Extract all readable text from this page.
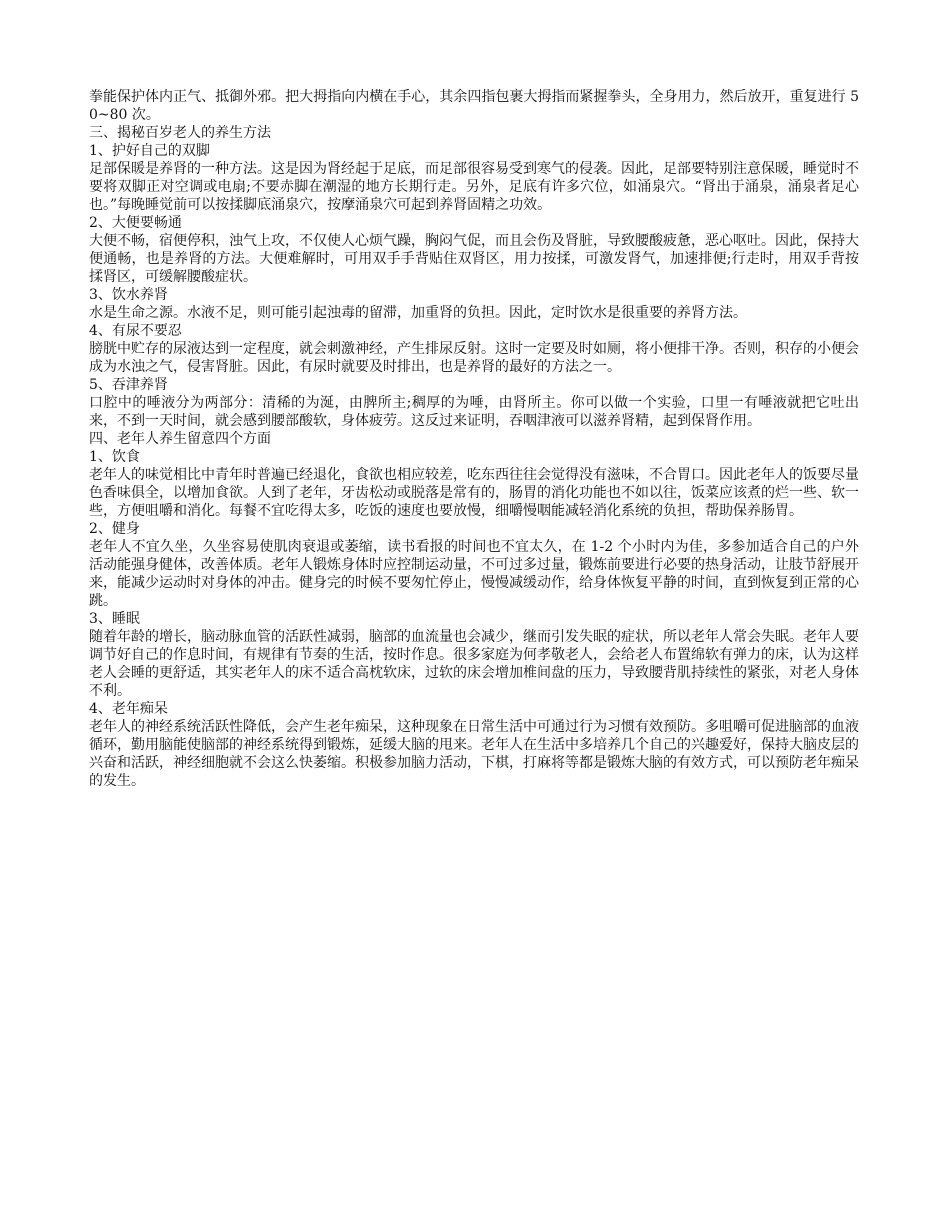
拳能保护体内正气、抵御外邪。把大拇指向内横在手心，其余四指包裹大拇指而紧握拳头，全身用力，然后放开，重复进行 50~80 次。

三、揭秘百岁老人的养生方法

1、护好自己的双脚

足部保暖是养肾的一种方法。这是因为肾经起于足底，而足部很容易受到寒气的侵袭。因此，足部要特别注意保暖，睡觉时不要将双脚正对空调或电扇;不要赤脚在潮湿的地方长期行走。另外，足底有许多穴位，如涌泉穴。“肾出于涌泉，涌泉者足心也。”每晚睡觉前可以按揉脚底涌泉穴，按摩涌泉穴可起到养肾固精之功效。

2、大便要畅通

大便不畅，宿便停积，浊气上攻，不仅使人心烦气躁，胸闷气促，而且会伤及肾脏，导致腰酸疲惫，恶心呕吐。因此，保持大便通畅，也是养肾的方法。大便难解时，可用双手手背贴住双肾区，用力按揉，可激发肾气，加速排便;行走时，用双手背按揉肾区，可缓解腰酸症状。

3、饮水养肾

水是生命之源。水液不足，则可能引起浊毒的留滞，加重肾的负担。因此，定时饮水是很重要的养肾方法。

4、有尿不要忍

膀胱中贮存的尿液达到一定程度，就会刺激神经，产生排尿反射。这时一定要及时如厕，将小便排干净。否则，积存的小便会成为水浊之气，侵害肾脏。因此，有尿时就要及时排出，也是养肾的最好的方法之一。

5、吞津养肾

口腔中的唾液分为两部分：清稀的为涎，由脾所主;稠厚的为唾，由肾所主。你可以做一个实验，口里一有唾液就把它吐出来，不到一天时间，就会感到腰部酸软，身体疲劳。这反过来证明，吞咽津液可以滋养肾精，起到保肾作用。

四、老年人养生留意四个方面

1、饮食

老年人的味觉相比中青年时普遍已经退化，食欲也相应较差，吃东西往往会觉得没有滋味，不合胃口。因此老年人的饭要尽量色香味俱全，以增加食欲。人到了老年，牙齿松动或脱落是常有的，肠胃的消化功能也不如以往，饭菜应该煮的烂一些、软一些，方便咀嚼和消化。每餐不宜吃得太多，吃饭的速度也要放慢，细嚼慢咽能减轻消化系统的负担，帮助保养肠胃。

2、健身

老年人不宜久坐，久坐容易使肌肉衰退或萎缩，读书看报的时间也不宜太久，在 1-2 个小时内为佳，多参加适合自己的户外活动能强身健体，改善体质。老年人锻炼身体时应控制运动量，不可过多过量，锻炼前要进行必要的热身活动，让肢节舒展开来，能减少运动时对身体的冲击。健身完的时候不要匆忙停止，慢慢减缓动作，给身体恢复平静的时间，直到恢复到正常的心跳。

3、睡眠

随着年龄的增长，脑动脉血管的活跃性减弱，脑部的血流量也会减少，继而引发失眠的症状，所以老年人常会失眠。老年人要调节好自己的作息时间，有规律有节奏的生活，按时作息。很多家庭为何孝敬老人，会给老人布置绵软有弹力的床，认为这样老人会睡的更舒适，其实老年人的床不适合高枕软床，过软的床会增加椎间盘的压力，导致腰背肌持续性的紧张，对老人身体不利。

4、老年痴呆

老年人的神经系统活跃性降低，会产生老年痴呆，这种现象在日常生活中可通过行为习惯有效预防。多咀嚼可促进脑部的血液循环，勤用脑能使脑部的神经系统得到锻炼，延缓大脑的甩来。老年人在生活中多培养几个自己的兴趣爱好，保持大脑皮层的兴奋和活跃，神经细胞就不会这么快萎缩。积极参加脑力活动，下棋，打麻将等都是锻炼大脑的有效方式，可以预防老年痴呆的发生。
